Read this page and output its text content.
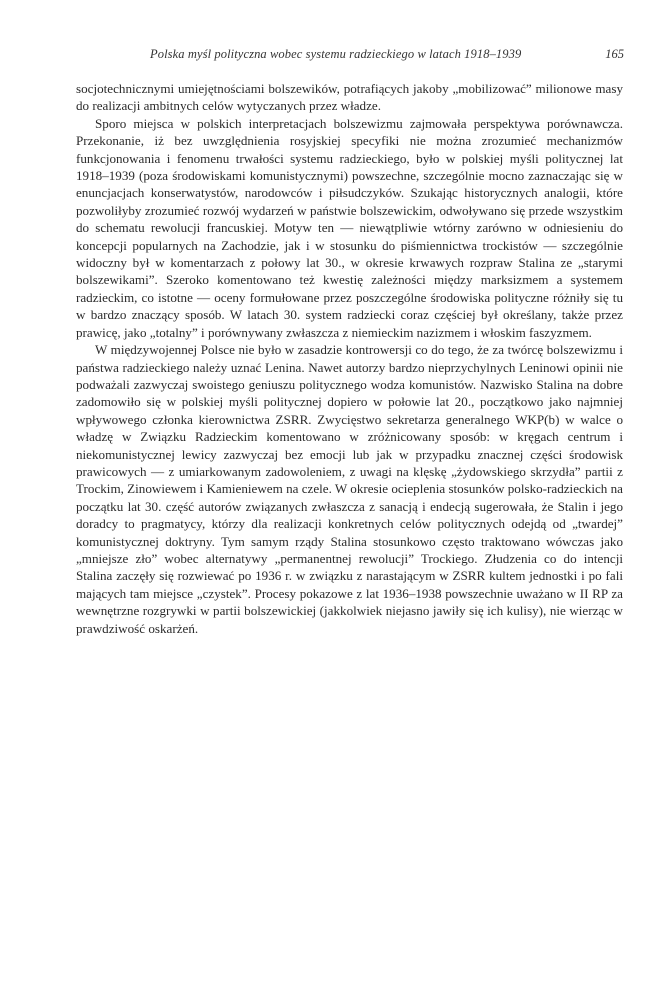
Polska myśl polityczna wobec systemu radzieckiego w latach 1918–1939	165

socjotechnicznymi umiejętnościami bolszewików, potrafiących jakoby „mobilizować” milionowe masy do realizacji ambitnych celów wytyczanych przez władze.

Sporo miejsca w polskich interpretacjach bolszewizmu zajmowała perspektywa porównawcza. Przekonanie, iż bez uwzględnienia rosyjskiej specyfiki nie można zrozumieć mechanizmów funkcjonowania i fenomenu trwałości systemu radzieckiego, było w polskiej myśli politycznej lat 1918–1939 (poza środowiskami komunistycznymi) powszechne, szczególnie mocno zaznaczając się w enuncjacjach konserwatystów, narodowców i piłsudczyków. Szukając historycznych analogii, które pozwoliłyby zrozumieć rozwój wydarzeń w państwie bolszewickim, odwoływano się przede wszystkim do schematu rewolucji francuskiej. Motyw ten — niewątpliwie wtórny zarówno w odniesieniu do koncepcji popularnych na Zachodzie, jak i w stosunku do piśmiennictwa trockistów — szczególnie widoczny był w komentarzach z połowy lat 30., w okresie krwawych rozpraw Stalina ze „starymi bolszewikami”. Szeroko komentowano też kwestię zależności między marksizmem a systemem radzieckim, co istotne — oceny formułowane przez poszczególne środowiska polityczne różniły się tu w bardzo znaczący sposób. W latach 30. system radziecki coraz częściej był określany, także przez prawicę, jako „totalny” i porównywany zwłaszcza z niemieckim nazizmem i włoskim faszyzmem.

W międzywojennej Polsce nie było w zasadzie kontrowersji co do tego, że za twórcę bolszewizmu i państwa radzieckiego należy uznać Lenina. Nawet autorzy bardzo nieprzychylnych Leninowi opinii nie podważali zazwyczaj swoistego geniuszu politycznego wodza komunistów. Nazwisko Stalina na dobre zadomowiło się w polskiej myśli politycznej dopiero w połowie lat 20., początkowo jako najmniej wpływowego członka kierownictwa ZSRR. Zwycięstwo sekretarza generalnego WKP(b) w walce o władzę w Związku Radzieckim komentowano w zróżnicowany sposób: w kręgach centrum i niekomunistycznej lewicy zazwyczaj bez emocji lub jak w przypadku znacznej części środowisk prawicowych — z umiarkowanym zadowoleniem, z uwagi na klęskę „żydowskiego skrzydła” partii z Trockim, Zinowiewem i Kamieniewem na czele. W okresie ocieplenia stosunków polsko-radzieckich na początku lat 30. część autorów związanych zwłaszcza z sanacją i endecją sugerowała, że Stalin i jego doradcy to pragmatycy, którzy dla realizacji konkretnych celów politycznych odejdą od „twardej” komunistycznej doktryny. Tym samym rządy Stalina stosunkowo często traktowano wówczas jako „mniejsze zło” wobec alternatywy „permanentnej rewolucji” Trockiego. Złudzenia co do intencji Stalina zaczęły się rozwiewać po 1936 r. w związku z narastającym w ZSRR kultem jednostki i po fali mających tam miejsce „czystek”. Procesy pokazowe z lat 1936–1938 powszechnie uważano w II RP za wewnętrzne rozgrywki w partii bolszewickiej (jakkolwiek niejasno jawiły się ich kulisy), nie wierząc w prawdziwość oskarżeń.
